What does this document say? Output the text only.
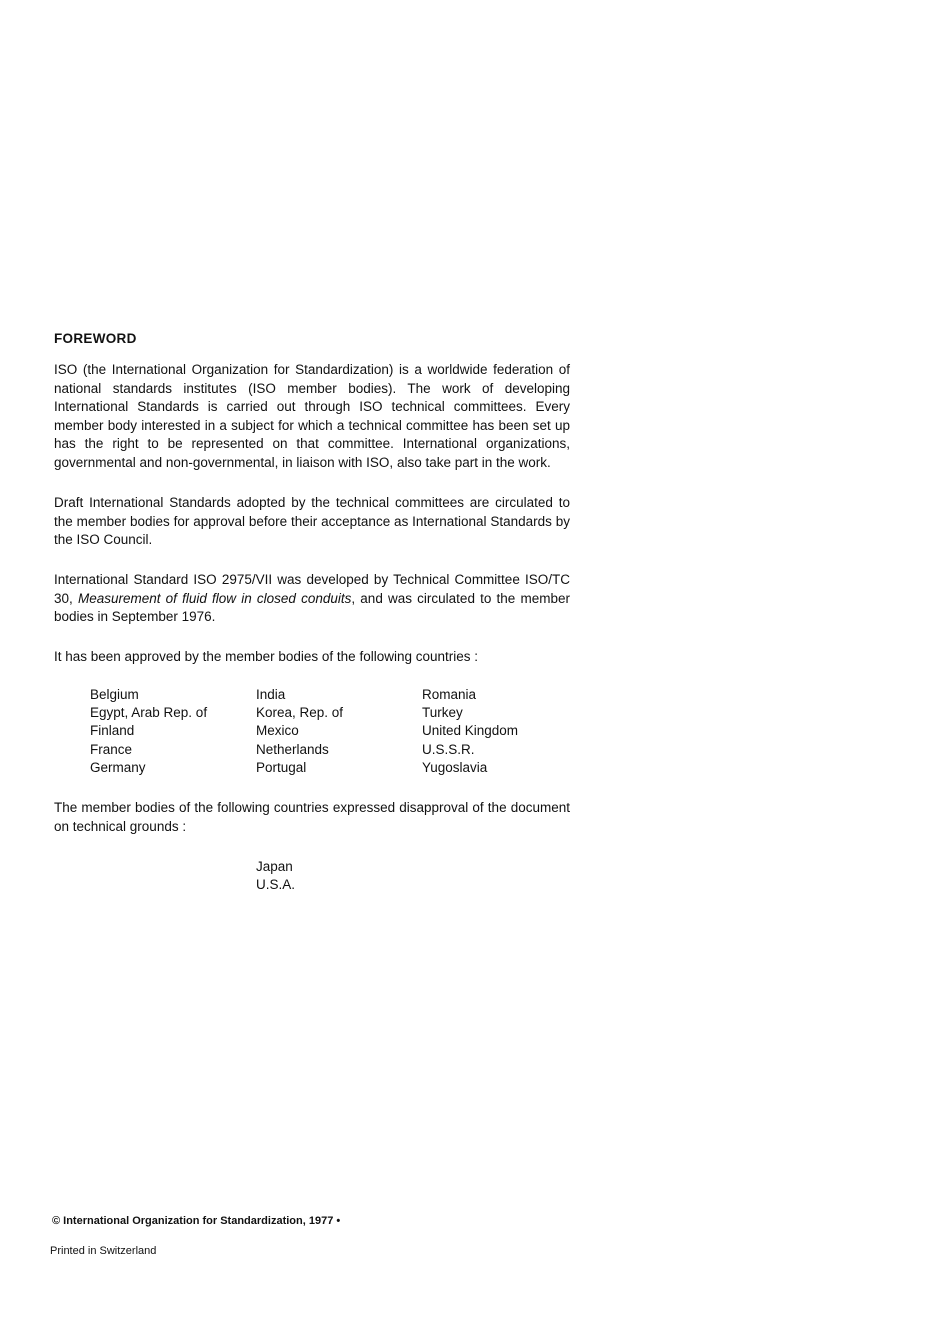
FOREWORD

ISO (the International Organization for Standardization) is a worldwide federation of national standards institutes (ISO member bodies). The work of developing International Standards is carried out through ISO technical committees. Every member body interested in a subject for which a technical committee has been set up has the right to be represented on that committee. International organizations, governmental and non-governmental, in liaison with ISO, also take part in the work.

Draft International Standards adopted by the technical committees are circulated to the member bodies for approval before their acceptance as International Standards by the ISO Council.

International Standard ISO 2975/VII was developed by Technical Committee ISO/TC 30, Measurement of fluid flow in closed conduits, and was circulated to the member bodies in September 1976.

It has been approved by the member bodies of the following countries :

Belgium
Egypt, Arab Rep. of
Finland
France
Germany
India
Korea, Rep. of
Mexico
Netherlands
Portugal
Romania
Turkey
United Kingdom
U.S.S.R.
Yugoslavia

The member bodies of the following countries expressed disapproval of the document on technical grounds :

Japan
U.S.A.
© International Organization for Standardization, 1977 •
Printed in Switzerland
